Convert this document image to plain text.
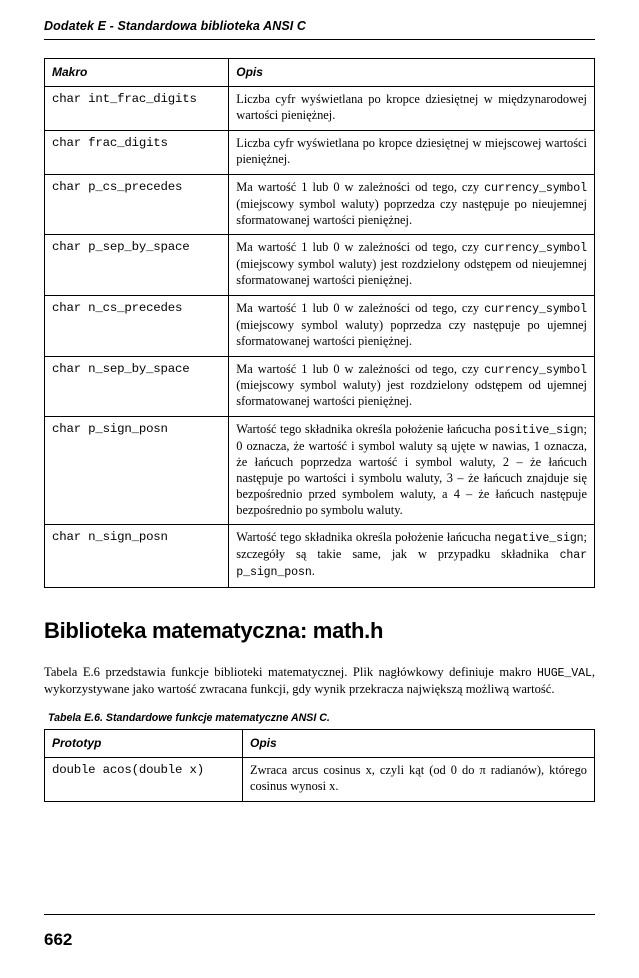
Dodatek E - Standardowa biblioteka ANSI C
Makro	Opis
char int_frac_digits	Liczba cyfr wyświetlana po kropce dziesiętnej w międzynarodowej wartości pieniężnej.
char frac_digits	Liczba cyfr wyświetlana po kropce dziesiętnej w miejscowej wartości pieniężnej.
char p_cs_precedes	Ma wartość 1 lub 0 w zależności od tego, czy currency_symbol (miejscowy symbol waluty) poprzedza czy następuje po nieujemnej sformatowanej wartości pieniężnej.
char p_sep_by_space	Ma wartość 1 lub 0 w zależności od tego, czy currency_symbol (miejscowy symbol waluty) jest rozdzielony odstępem od nieujemnej sformatowanej wartości pieniężnej.
char n_cs_precedes	Ma wartość 1 lub 0 w zależności od tego, czy currency_symbol (miejscowy symbol waluty) poprzedza czy następuje po ujemnej sformatowanej wartości pieniężnej.
char n_sep_by_space	Ma wartość 1 lub 0 w zależności od tego, czy currency_symbol (miejscowy symbol waluty) jest rozdzielony odstępem od ujemnej sformatowanej wartości pieniężnej.
char p_sign_posn	Wartość tego składnika określa położenie łańcucha positive_sign; 0 oznacza, że wartość i symbol waluty są ujęte w nawias, 1 oznacza, że łańcuch poprzedza wartość i symbol waluty, 2 – że łańcuch następuje po wartości i symbolu waluty, 3 – że łańcuch znajduje się bezpośrednio przed symbolem waluty, a 4 – że łańcuch następuje bezpośrednio po symbolu waluty.
char n_sign_posn	Wartość tego składnika określa położenie łańcucha negative_sign; szczegóły są takie same, jak w przypadku składnika char p_sign_posn.
Biblioteka matematyczna: math.h

Tabela E.6 przedstawia funkcje biblioteki matematycznej. Plik nagłówkowy definiuje makro HUGE_VAL, wykorzystywane jako wartość zwracana funkcji, gdy wynik przekracza największą możliwą wartość.

Tabela E.6. Standardowe funkcje matematyczne ANSI C.
Prototyp	Opis
double acos(double x)	Zwraca arcus cosinus x, czyli kąt (od 0 do π radianów), którego cosinus wynosi x.
662
